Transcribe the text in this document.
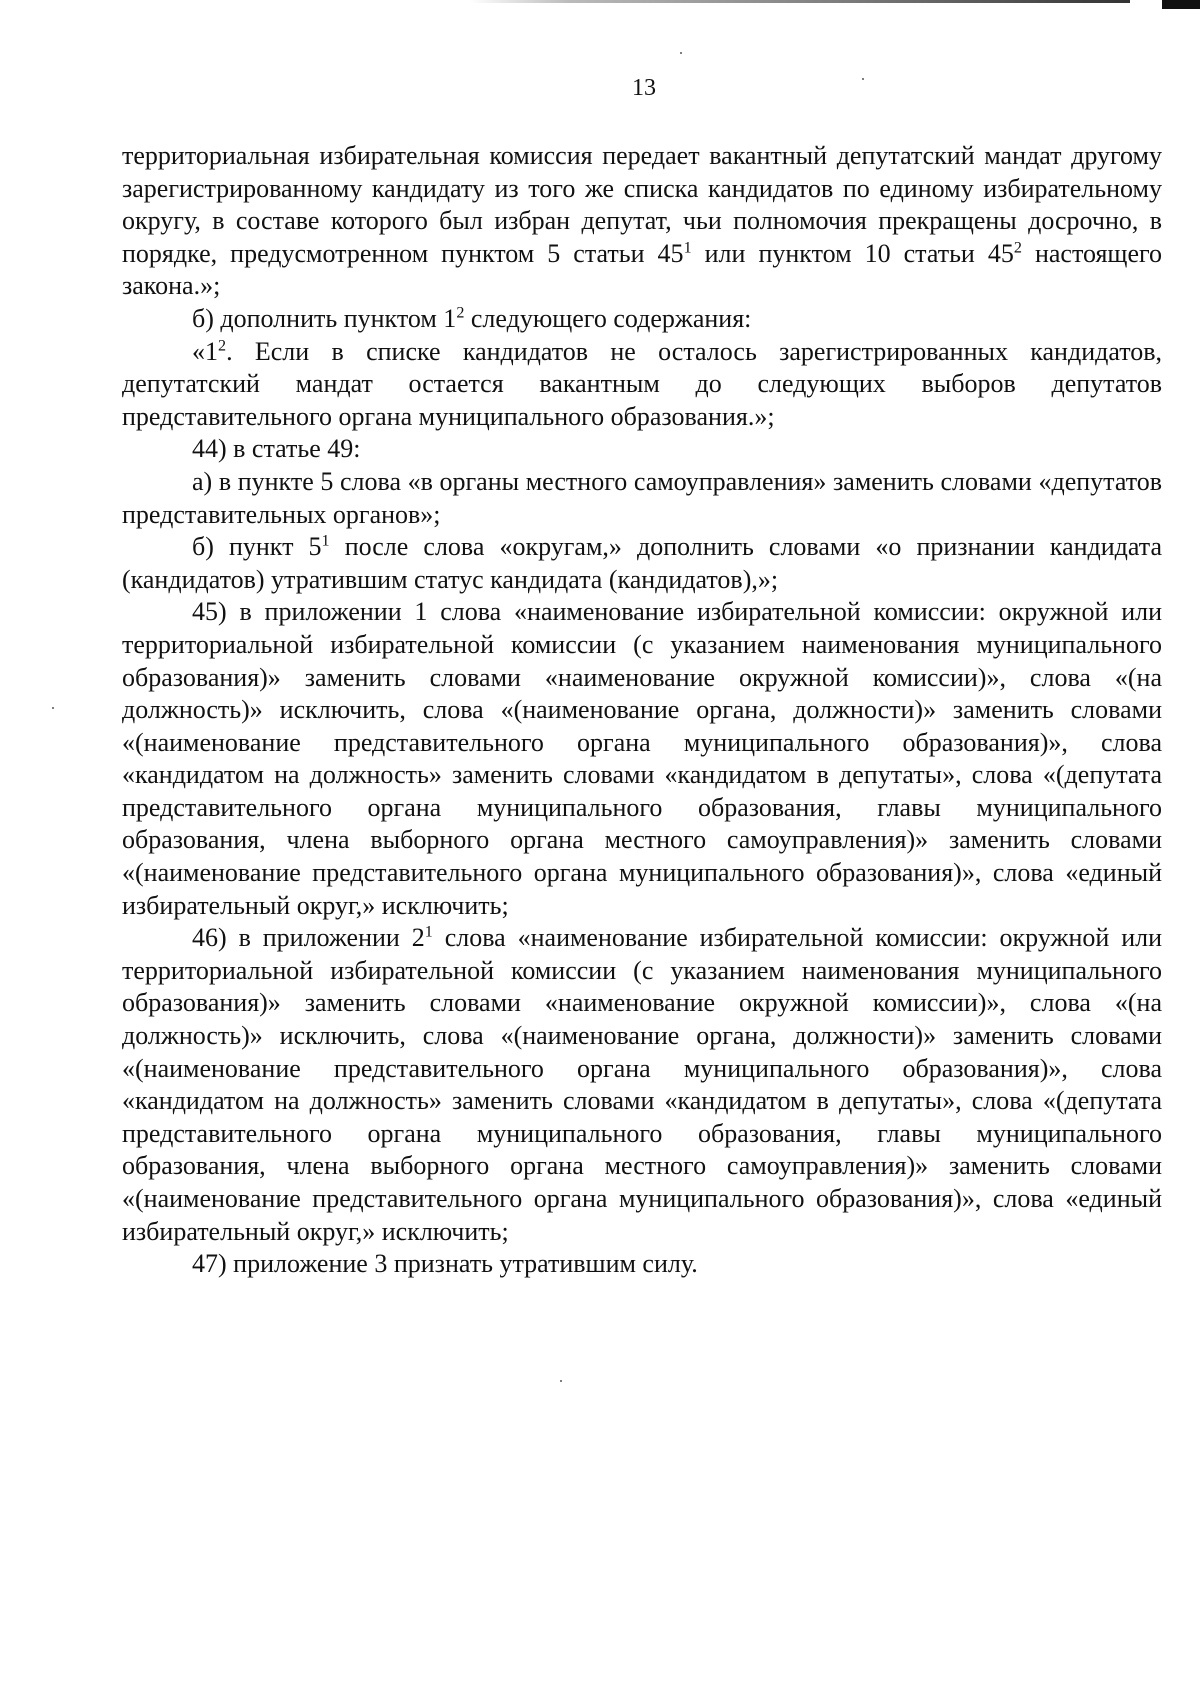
13

территориальная избирательная комиссия передает вакантный депутатский мандат другому зарегистрированному кандидату из того же списка кандидатов по единому избирательному округу, в составе которого был избран депутат, чьи полномочия прекращены досрочно, в порядке, предусмотренном пунктом 5 статьи $45^1$ или пунктом 10 статьи $45^2$ настоящего закона.»;

б) дополнить пунктом $1^2$ следующего содержания:

«$1^2$. Если в списке кандидатов не осталось зарегистрированных кандидатов, депутатский мандат остается вакантным до следующих выборов депутатов представительного органа муниципального образования.»;

44) в статье 49:

а) в пункте 5 слова «в органы местного самоуправления» заменить словами «депутатов представительных органов»;

б) пункт $5^1$ после слова «округам,» дополнить словами «о признании кандидата (кандидатов) утратившим статус кандидата (кандидатов),»;

45) в приложении 1 слова «наименование избирательной комиссии: окружной или территориальной избирательной комиссии (с указанием наименования муниципального образования)» заменить словами «наименование окружной комиссии)», слова «(на должность)» исключить, слова «(наименование органа, должности)» заменить словами «(наименование представительного органа муниципального образования)», слова «кандидатом на должность» заменить словами «кандидатом в депутаты», слова «(депутата представительного органа муниципального образования, главы муниципального образования, члена выборного органа местного самоуправления)» заменить словами «(наименование представительного органа муниципального образования)», слова «единый избирательный округ,» исключить;

46) в приложении $2^1$ слова «наименование избирательной комиссии: окружной или территориальной избирательной комиссии (с указанием наименования муниципального образования)» заменить словами «наименование окружной комиссии)», слова «(на должность)» исключить, слова «(наименование органа, должности)» заменить словами «(наименование представительного органа муниципального образования)», слова «кандидатом на должность» заменить словами «кандидатом в депутаты», слова «(депутата представительного органа муниципального образования, главы муниципального образования, члена выборного органа местного самоуправления)» заменить словами «(наименование представительного органа муниципального образования)», слова «единый избирательный округ,» исключить;

47) приложение 3 признать утратившим силу.
